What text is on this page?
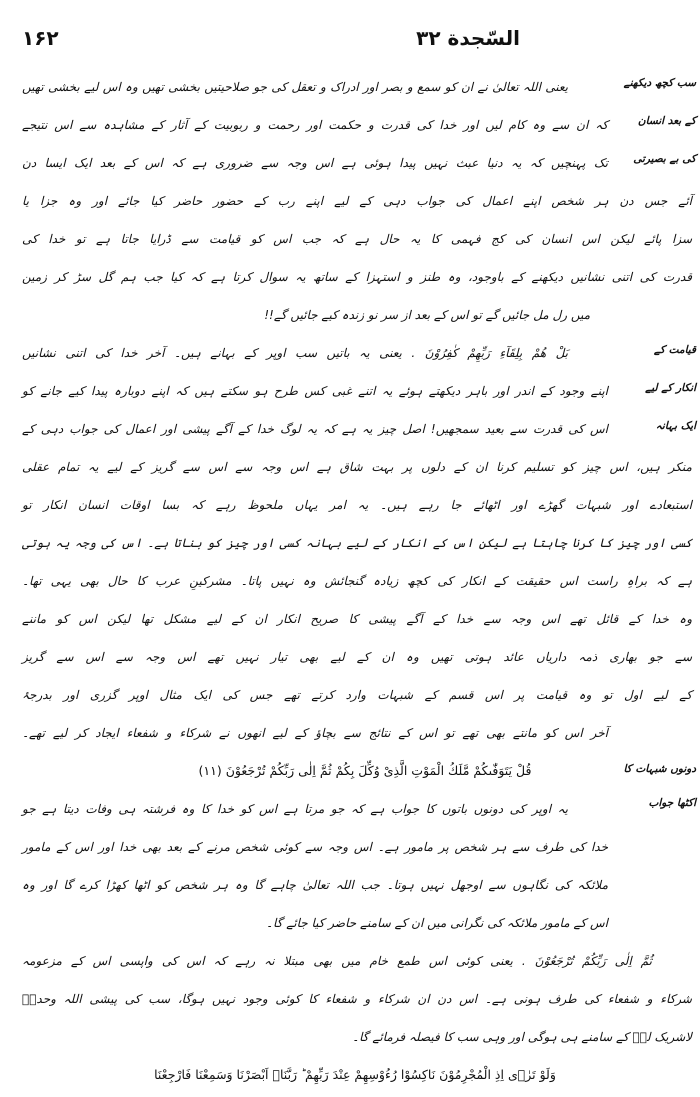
۱۶۲	السّجدة ۳۲
سب کچھ دیکھنے
کے بعد انسان
کی بے بصیرتی
قیامت کے
انکار کے لیے
ایک بہانہ
دونوں شبہات کا
اکٹھا جواب
یعنی اللہ تعالیٰ نے ان کو سمع و بصر اور ادراک و تعقل کی جو صلاحیتیں بخشی تھیں وہ اس لیے بخشی تھیں
کہ ان سے وہ کام لیں اور خدا کی قدرت و حکمت اور رحمت و ربوبیت کے آثار کے مشاہدہ سے اس نتیجے
تک پہنچیں کہ یہ دنیا عبث نہیں پیدا ہوئی ہے اس وجہ سے ضروری ہے کہ اس کے بعد ایک ایسا دن
آئے جس دن ہر شخص اپنے اعمال کی جواب دہی کے لیے اپنے رب کے حضور حاضر کیا جائے اور وہ جزا یا
سزا پائے لیکن اس انسان کی کج فہمی کا یہ حال ہے کہ جب اس کو قیامت سے ڈرایا جاتا ہے تو خدا کی
قدرت کی اتنی نشانیں دیکھنے کے باوجود، وہ طنز و استہزا کے ساتھ یہ سوال کرتا ہے کہ کیا جب ہم گل سڑ کر زمین
میں رل مل جائیں گے تو اس کے بعد از سر نو زندہ کیے جائیں گے!!
بَلْ هُمْ بِلِقَآءِ رَبِّهِمْ كٰفِرُوْنَ . یعنی یہ باتیں سب اوپر کے بہانے ہیں۔ آخر خدا کی اتنی نشانیں
اپنے وجود کے اندر اور باہر دیکھتے ہوئے یہ اتنے غبی کس طرح ہو سکتے ہیں کہ اپنے دوبارہ پیدا کیے جانے کو
اس کی قدرت سے بعید سمجھیں! اصل چیز یہ ہے کہ یہ لوگ خدا کے آگے پیشی اور اعمال کی جواب دہی کے
منکر ہیں، اس چیز کو تسلیم کرنا ان کے دلوں پر بہت شاق ہے اس وجہ سے اس سے گریز کے لیے یہ تمام عقلی
استبعادے اور شبہات گھڑے اور اٹھائے جا رہے ہیں۔ یہ امر یہاں ملحوظ رہے کہ بسا اوقات انسان انکار تو
کسی اور چیز کا کرنا چاہتا ہے لیکن اس کے انکار کے لیے بہانہ کسی اور چیز کو بناتا ہے۔ اس کی وجہ یہ ہوتی
ہے کہ براہِ راست اس حقیقت کے انکار کی کچھ زیادہ گنجائش وہ نہیں پاتا۔ مشرکینِ عرب کا حال بھی یہی تھا۔
وہ خدا کے قائل تھے اس وجہ سے خدا کے آگے پیشی کا صریح انکار ان کے لیے مشکل تھا لیکن اس کو ماننے
سے جو بھاری ذمہ داریاں عائد ہوتی تھیں وہ ان کے لیے بھی تیار نہیں تھے اس وجہ سے اس سے گریز
کے لیے اول تو وہ قیامت پر اس قسم کے شبہات وارد کرتے تھے جس کی ایک مثال اوپر گزری اور بدرجۂ
آخر اس کو مانتے بھی تھے تو اس کے نتائج سے بچاؤ کے لیے انھوں نے شرکاء و شفعاء ایجاد کر لیے تھے۔
قُلْ يَتَوَفّٰىكُمْ مَّلَكُ الْمَوْتِ الَّذِیْ وُكِّلَ بِكُمْ ثُمَّ اِلٰى رَبِّكُمْ تُرْجَعُوْنَ (۱۱)
یہ اوپر کی دونوں باتوں کا جواب ہے کہ جو مرتا ہے اس کو خدا کا وہ فرشتہ ہی وفات دیتا ہے جو
خدا کی طرف سے ہر شخص پر مامور ہے۔ اس وجہ سے کوئی شخص مرنے کے بعد بھی خدا اور اس کے مامور
ملائکہ کی نگاہوں سے اوجھل نہیں ہوتا۔ جب اللہ تعالیٰ چاہے گا وہ ہر شخص کو اٹھا کھڑا کرے گا اور وہ
اس کے مامور ملائکہ کی نگرانی میں ان کے سامنے حاضر کیا جائے گا۔
ثُمَّ اِلٰى رَبِّكُمْ تُرْجَعُوْنَ . یعنی کوئی اس طمع خام میں بھی مبتلا نہ رہے کہ اس کی واپسی اس کے مزعومہ
شرکاء و شفعاء کی طرف ہونی ہے۔ اس دن ان شرکاء و شفعاء کا کوئی وجود نہیں ہوگا، سب کی پیشی اللہ وحدہٗ
لاشریک لہٗ کے سامنے ہی ہوگی اور وہی سب کا فیصلہ فرمائے گا۔
وَلَوْ تَرٰۤى اِذِ الْمُجْرِمُوْنَ نَاكِسُوْا رُءُوْسِهِمْ عِنْدَ رَبِّهِمْ ؕ رَبَّنَاۤ اَبْصَرْنَا وَسَمِعْنَا فَارْجِعْنَا
